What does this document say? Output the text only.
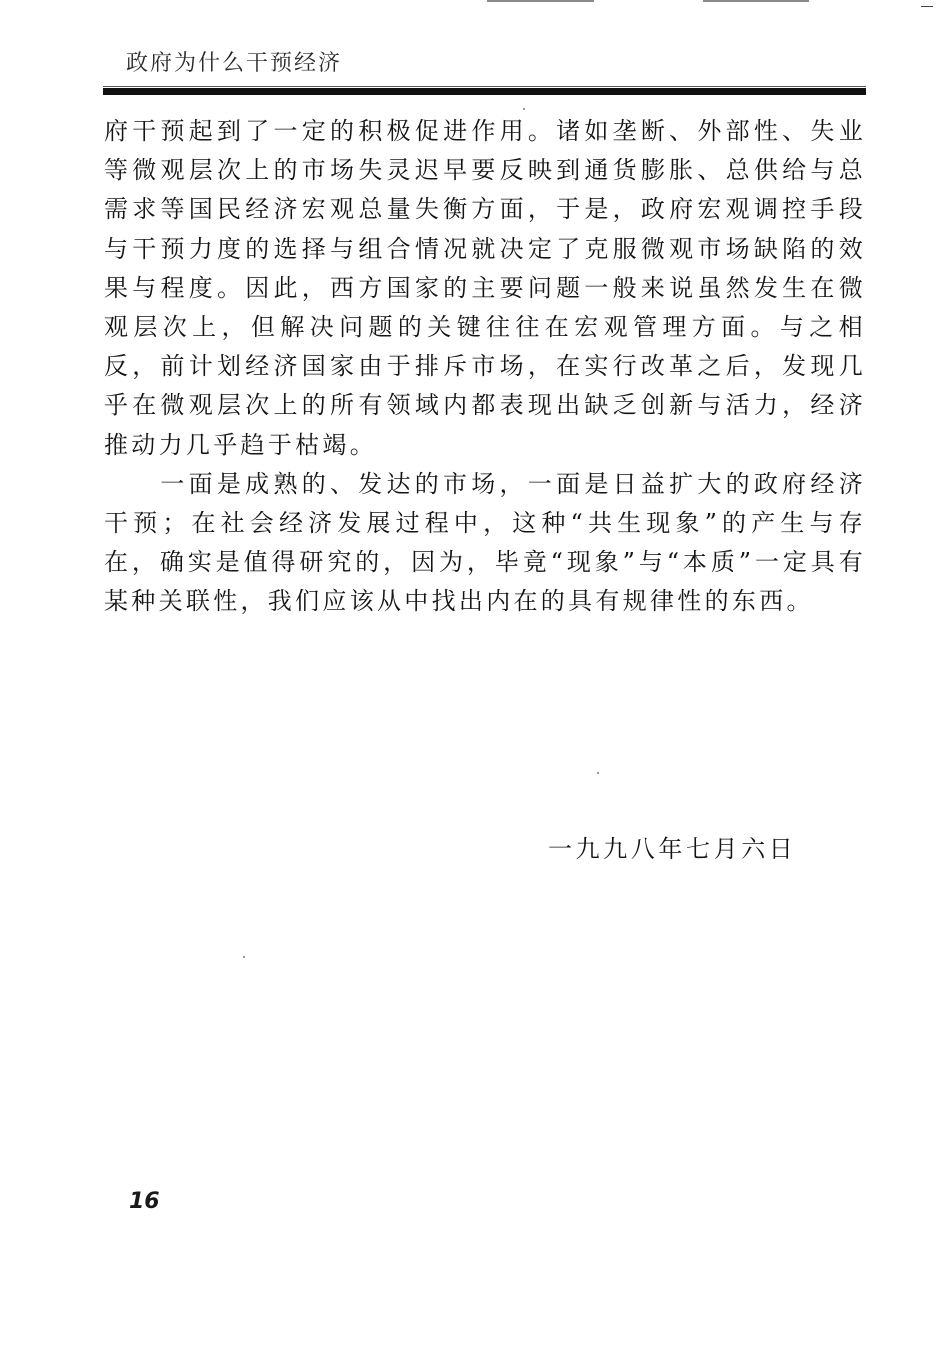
政府为什么干预经济

府干预起到了一定的积极促进作用。诸如垄断、外部性、失业等微观层次上的市场失灵迟早要反映到通货膨胀、总供给与总需求等国民经济宏观总量失衡方面，于是，政府宏观调控手段与干预力度的选择与组合情况就决定了克服微观市场缺陷的效果与程度。因此，西方国家的主要问题一般来说虽然发生在微观层次上，但解决问题的关键往往在宏观管理方面。与之相反，前计划经济国家由于排斥市场，在实行改革之后，发现几乎在微观层次上的所有领域内都表现出缺乏创新与活力，经济推动力几乎趋于枯竭。

一面是成熟的、发达的市场，一面是日益扩大的政府经济干预；在社会经济发展过程中，这种“共生现象”的产生与存在，确实是值得研究的，因为，毕竟“现象”与“本质”一定具有某种关联性，我们应该从中找出内在的具有规律性的东西。

一九九八年七月六日
16
